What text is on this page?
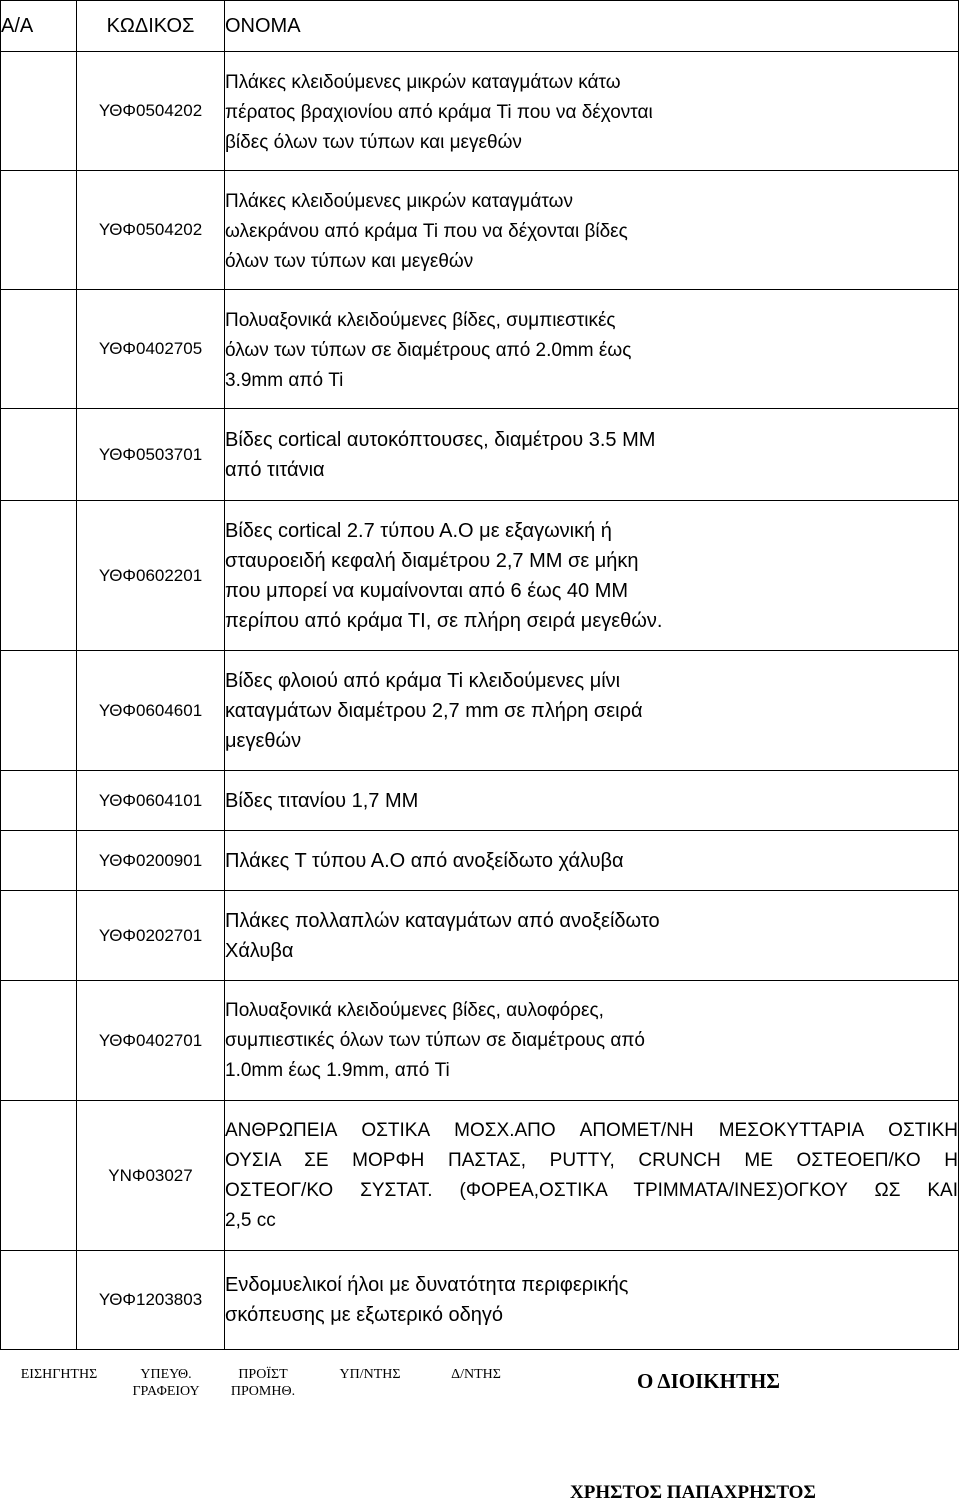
Α/Α	ΚΩΔΙΚΟΣ	ΟΝΟΜΑ
	ΥΘΦ0504202	Πλάκες κλειδούμενες μικρών καταγμάτων κάτω
πέρατος βραχιονίου από κράμα Ti που να δέχονται
βίδες όλων των τύπων και μεγεθών

	ΥΘΦ0504202	Πλάκες κλειδούμενες μικρών καταγμάτων
ωλεκράνου από κράμα Ti που να δέχονται βίδες
όλων των τύπων και μεγεθών

	ΥΘΦ0402705	Πολυαξονικά κλειδούμενες βίδες, συμπιεστικές
όλων των τύπων σε διαμέτρους από 2.0mm έως
3.9mm από Ti

	ΥΘΦ0503701	Βίδες cortical αυτοκόπτουσες, διαμέτρου 3.5 ΜΜ
από τιτάνια

	ΥΘΦ0602201	Βίδες cortical 2.7 τύπου Α.Ο με εξαγωνική ή
σταυροειδή κεφαλή διαμέτρου 2,7 ΜΜ σε μήκη
που μπορεί να κυμαίνονται από 6 έως 40 ΜΜ
περίπου από κράμα ΤΙ, σε πλήρη σειρά μεγεθών.

	ΥΘΦ0604601	Βίδες φλοιού από κράμα Ti κλειδούμενες μίνι
καταγμάτων διαμέτρου 2,7 mm σε πλήρη σειρά
μεγεθών

	ΥΘΦ0604101	Βίδες τιτανίου 1,7 ΜΜ

	ΥΘΦ0200901	Πλάκες Τ τύπου Α.Ο από ανοξείδωτο χάλυβα

	ΥΘΦ0202701	Πλάκες πολλαπλών καταγμάτων από ανοξείδωτο
Χάλυβα

	ΥΘΦ0402701	Πολυαξονικά κλειδούμενες βίδες, αυλοφόρες,
συμπιεστικές όλων των τύπων σε διαμέτρους από
1.0mm έως 1.9mm, από Ti

	ΥΝΦ03027	ΑΝΘΡΩΠΕΙΑ ΟΣΤΙΚΑ ΜΟΣΧ.ΑΠΟ ΑΠΟΜΕΤ/ΝΗ ΜΕΣΟΚΥΤΤΑΡΙΑ ΟΣΤΙΚΗ
ΟΥΣΙΑ ΣΕ ΜΟΡΦΗ ΠΑΣΤΑΣ, PUTTY, CRUNCH ΜΕ ΟΣΤΕΟΕΠ/ΚΟ Η
ΟΣΤΕΟΓ/ΚΟ ΣΥΣΤΑΤ. (ΦΟΡΕΑ,ΟΣΤΙΚΑ ΤΡΙΜΜΑΤΑ/ΙΝΕΣ)ΟΓΚΟΥ ΩΣ ΚΑΙ
2,5 cc

	ΥΘΦ1203803	Ενδομυελικοί ήλοι με δυνατότητα περιφερικής
σκόπευσης με εξωτερικό οδηγό
ΕΙΣΗΓΗΤΗΣ	ΥΠΕΥΘ.
ΓΡΑΦΕΙΟΥ
ΠΡΟΪΣΤ
ΠΡΟΜΗΘ.
ΥΠ/ΝΤΗΣ	Δ/ΝΤΗΣ	Ο ΔΙΟΙΚΗΤΗΣ
ΧΡΗΣΤΟΣ ΠΑΠΑΧΡΗΣΤΟΣ
